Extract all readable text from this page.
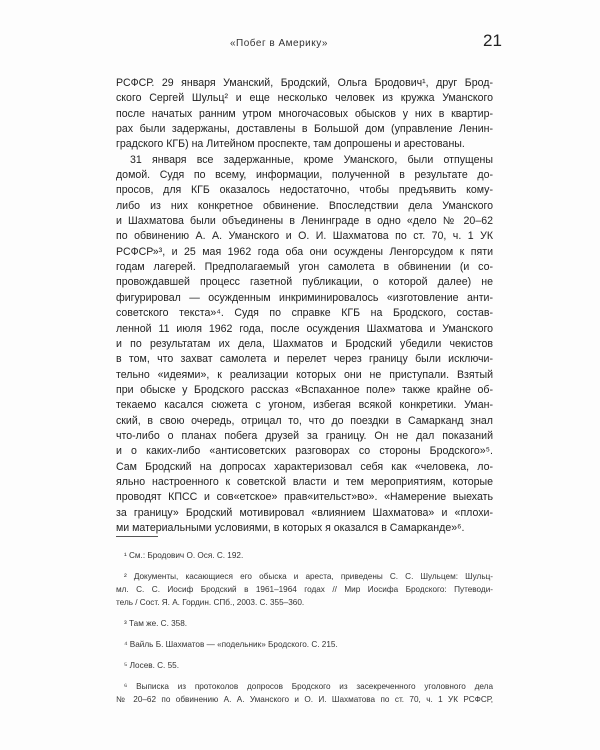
«Побег в Америку»	21
РСФСР. 29 января Уманский, Бродский, Ольга Бродович¹, друг Брод-
ского Сергей Шульц² и еще несколько человек из кружка Уманского
после начатых ранним утром многочасовых обысков у них в квартир-
рах были задержаны, доставлены в Большой дом (управление Ленин-
градского КГБ) на Литейном проспекте, там допрошены и арестованы.
31 января все задержанные, кроме Уманского, были отпущены
домой. Судя по всему, информации, полученной в результате до-
просов, для КГБ оказалось недостаточно, чтобы предъявить кому-
либо из них конкретное обвинение. Впоследствии дела Уманского
и Шахматова были объединены в Ленинграде в одно «дело № 20–62
по обвинению А. А. Уманского и О. И. Шахматова по ст. 70, ч. 1 УК
РСФСР»³, и 25 мая 1962 года оба они осуждены Ленгорсудом к пяти
годам лагерей. Предполагаемый угон самолета в обвинении (и со-
провождавшей процесс газетной публикации, о которой далее) не
фигурировал — осужденным инкриминировалось «изготовление анти-
советского текста»⁴. Судя по справке КГБ на Бродского, состав-
ленной 11 июля 1962 года, после осуждения Шахматова и Уманского
и по результатам их дела, Шахматов и Бродский убедили чекистов
в том, что захват самолета и перелет через границу были исключи-
тельно «идеями», к реализации которых они не приступали. Взятый
при обыске у Бродского рассказ «Вспаханное поле» также крайне об-
текаемо касался сюжета с угоном, избегая всякой конкретики. Уман-
ский, в свою очередь, отрицал то, что до поездки в Самарканд знал
что-либо о планах побега друзей за границу. Он не дал показаний
и о каких-либо «антисоветских разговорах со стороны Бродского»⁵.
Сам Бродский на допросах характеризовал себя как «человека, ло-
яльно настроенного к советской власти и тем мероприятиям, которые
проводят КПСС и сов«етское» прав«ительст»во». «Намерение выехать
за границу» Бродский мотивировал «влиянием Шахматова» и «плохи-
ми материальными условиями, в которых я оказался в Самарканде»⁶.
¹ См.: Бродович О. Ося. С. 192.
² Документы, касающиеся его обыска и ареста, приведены С. С. Шульцем: Шульц-
мл. С. С. Иосиф Бродский в 1961–1964 годах // Мир Иосифа Бродского: Путеводи-
тель / Сост. Я. А. Гордин. СПб., 2003. С. 355–360.
³ Там же. С. 358.
⁴ Вайль Б. Шахматов — «подельник» Бродского. С. 215.
⁵ Лосев. С. 55.
⁶ Выписка из протоколов допросов Бродского из засекреченного уголовного дела
№ 20–62 по обвинению А. А. Уманского и О. И. Шахматова по ст. 70, ч. 1 УК РСФСР,
